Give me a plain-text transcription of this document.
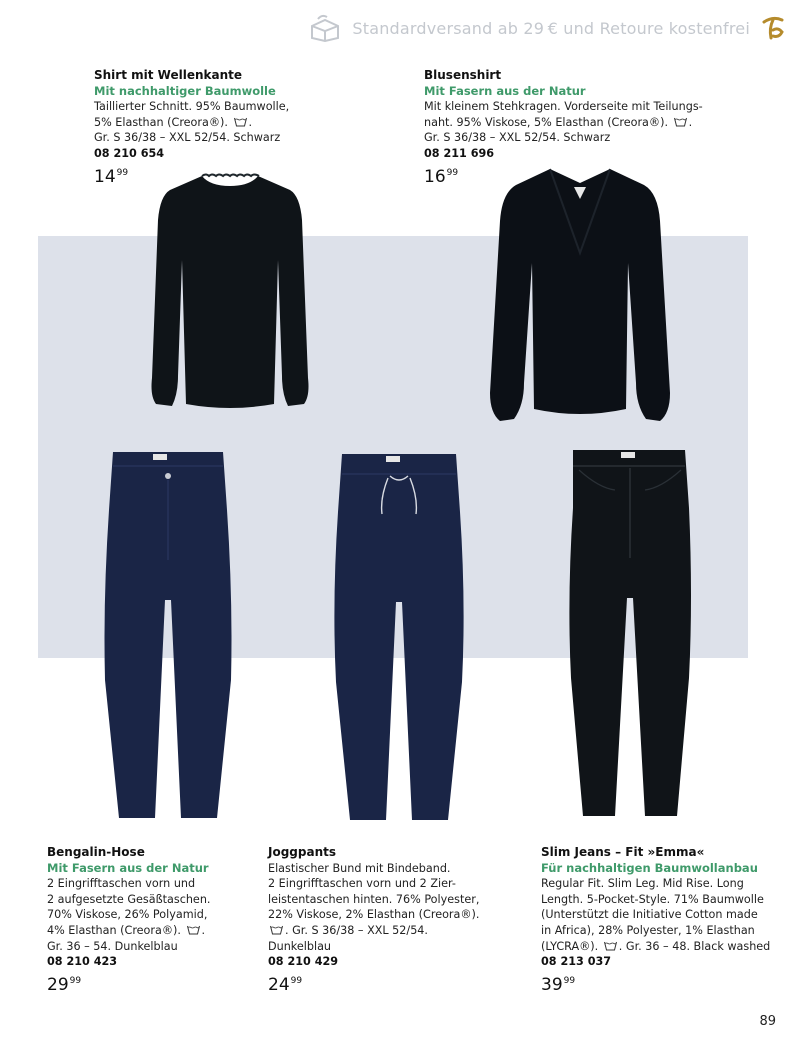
Standardversand ab 29 € und Retoure kostenfrei
Shirt mit Wellenkante
Mit nachhaltiger Baumwolle
Taillierter Schnitt. 95% Baumwolle,
5% Elasthan (Creora®). .
Gr. S 36/38 – XXL 52/54. Schwarz
08 210 654
$14^{99}$
Blusenshirt
Mit Fasern aus der Natur
Mit kleinem Stehkragen. Vorderseite mit Teilungs-
naht. 95% Viskose, 5% Elasthan (Creora®). .
Gr. S 36/38 – XXL 52/54. Schwarz
08 211 696
$16^{99}$
Bengalin-Hose
Mit Fasern aus der Natur
2 Eingrifftaschen vorn und
2 aufgesetzte Gesäßtaschen.
70% Viskose, 26% Polyamid,
4% Elasthan (Creora®). .
Gr. 36 – 54. Dunkelblau
08 210 423
$29^{99}$
Joggpants
Elastischer Bund mit Bindeband.
2 Eingrifftaschen vorn und 2 Zier-
leistentaschen hinten. 76% Polyester,
22% Viskose, 2% Elasthan (Creora®).
. Gr. S 36/38 – XXL 52/54.
Dunkelblau
08 210 429
$24^{99}$
Slim Jeans – Fit »Emma«
Für nachhaltigen Baumwollanbau
Regular Fit. Slim Leg. Mid Rise. Long
Length. 5-Pocket-Style. 71% Baumwolle
(Unterstützt die Initiative Cotton made
in Africa), 28% Polyester, 1% Elasthan
(LYCRA®). . Gr. 36 – 48. Black washed
08 213 037
$39^{99}$
89
